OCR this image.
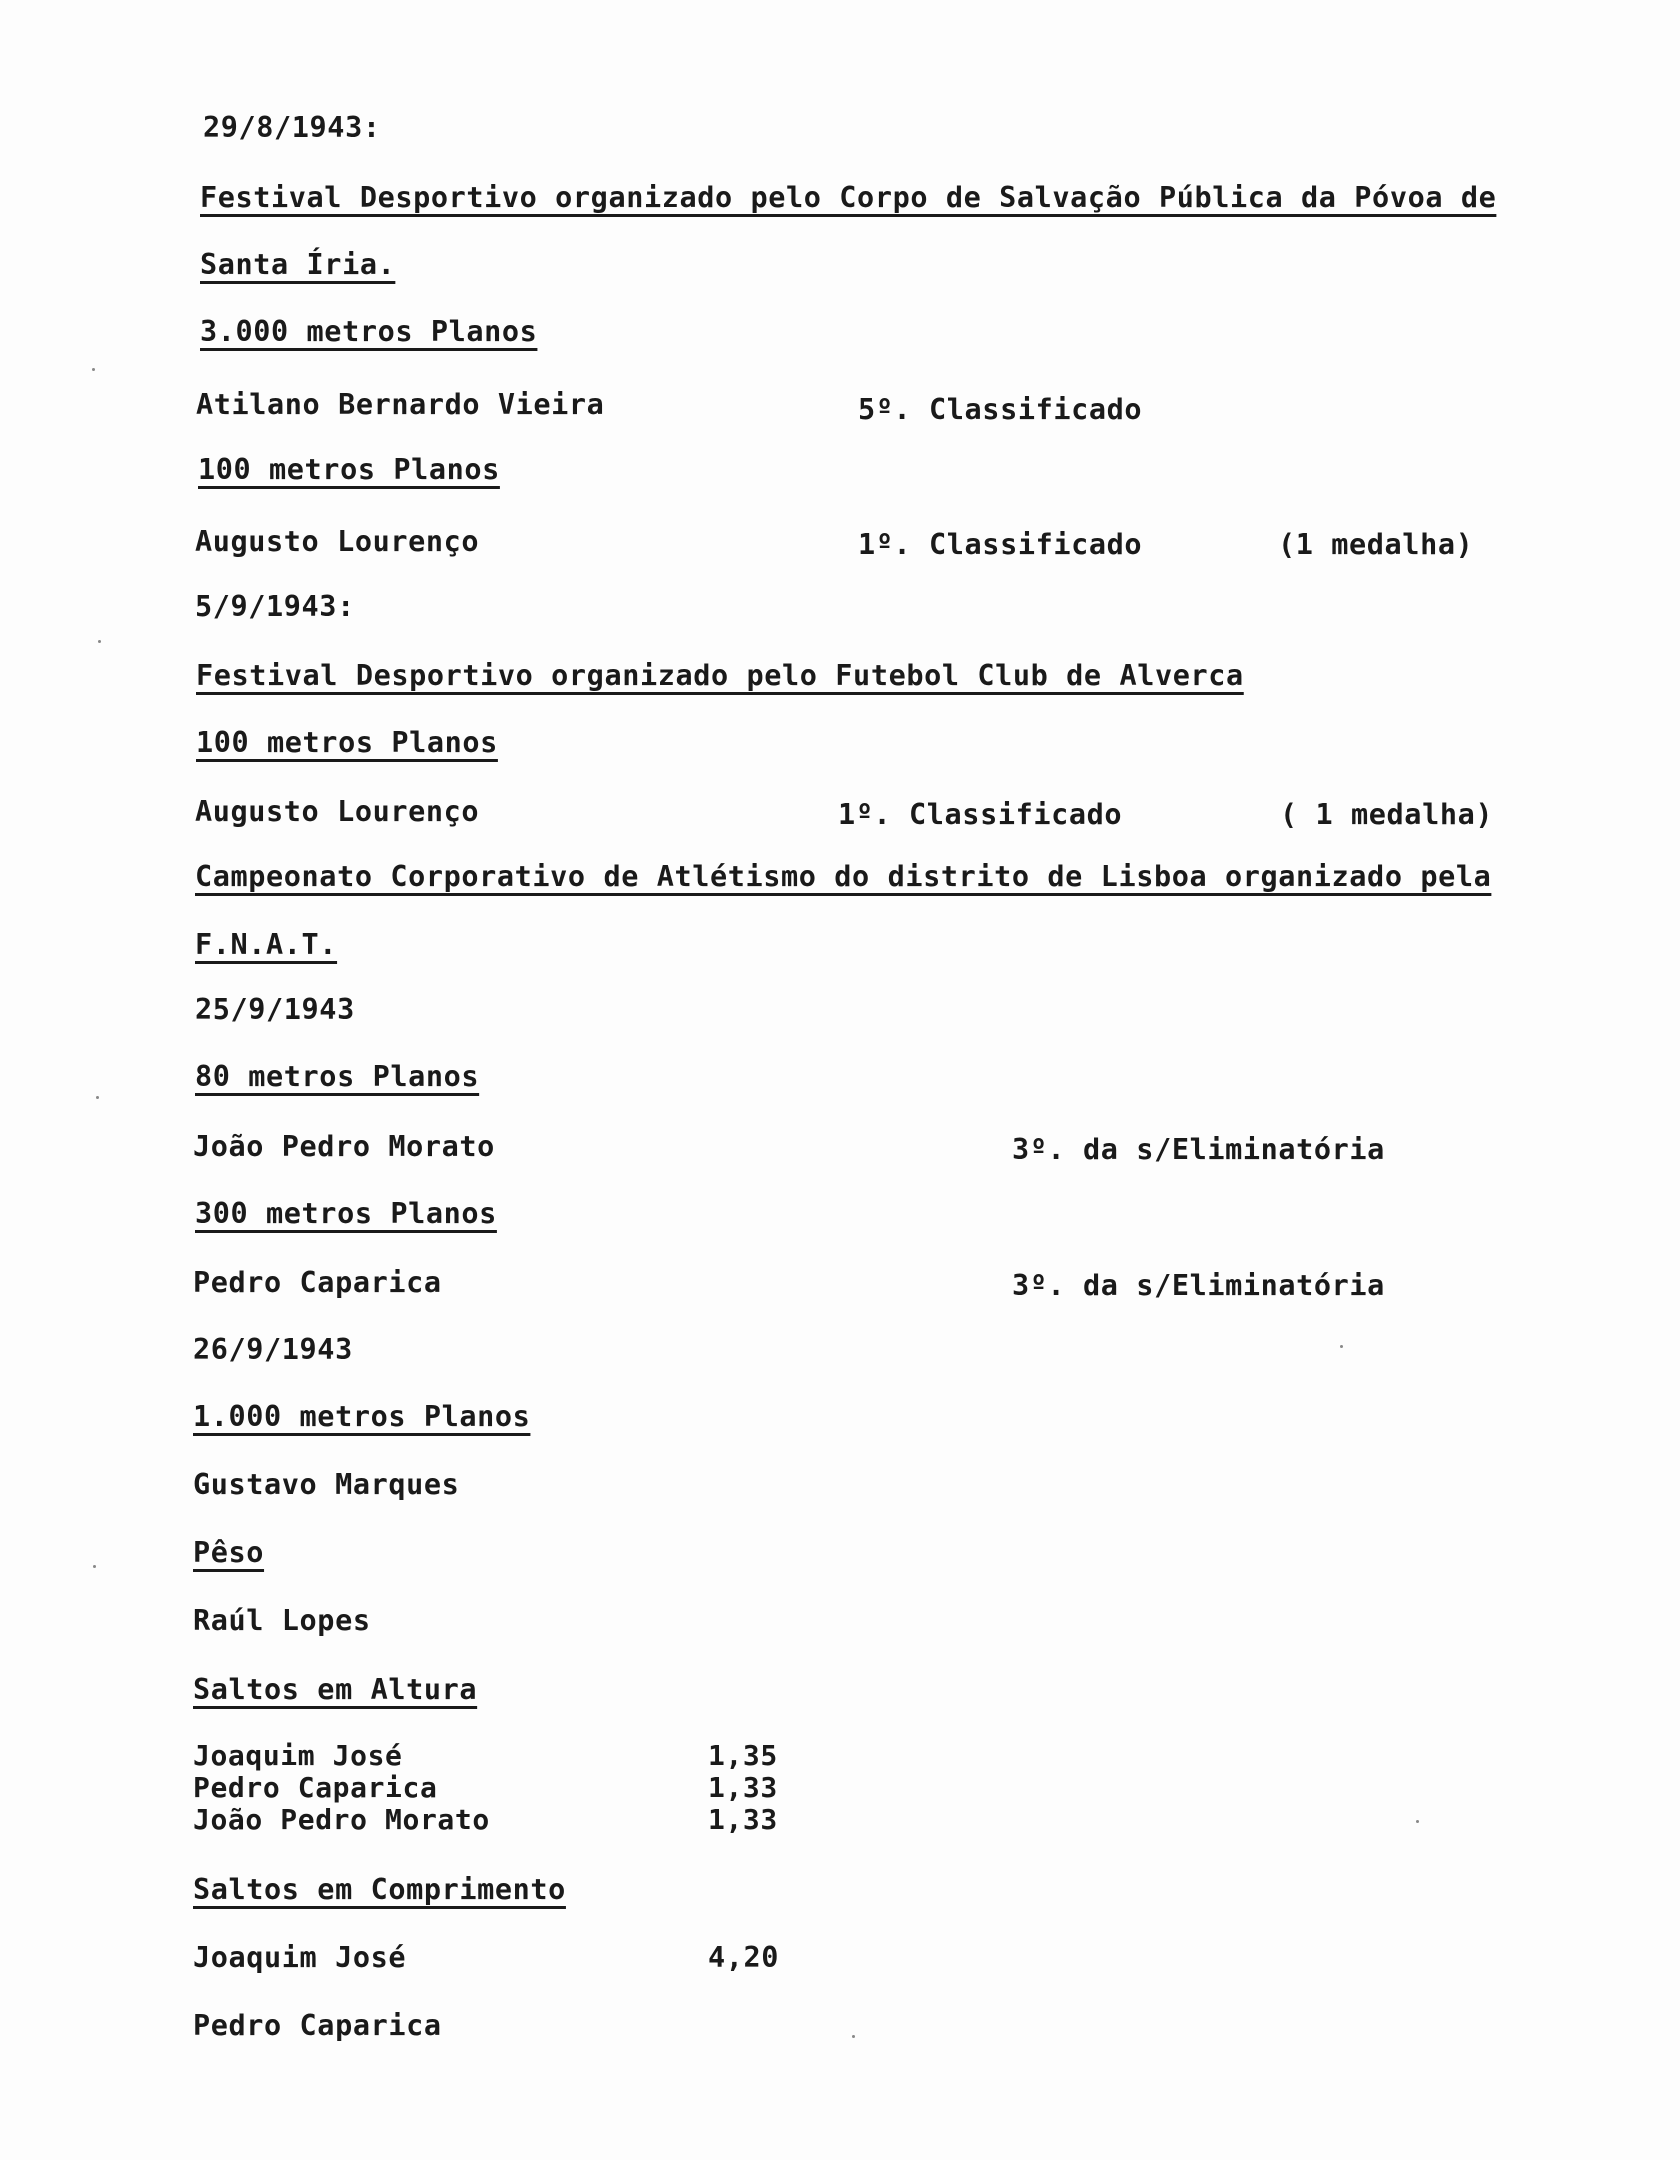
29/8/1943:
Festival Desportivo organizado pelo Corpo de Salvação Pública da Póvoa de
Santa Íria.
3.000 metros Planos
Atilano Bernardo Vieira	5º. Classificado
100 metros Planos
Augusto Lourenço	1º. Classificado	(1 medalha)
5/9/1943:
Festival Desportivo organizado pelo Futebol Club de Alverca
100 metros Planos
Augusto Lourenço	1º. Classificado	( 1 medalha)
Campeonato Corporativo de Atlétismo do distrito de Lisboa organizado pela
F.N.A.T.
25/9/1943
80 metros Planos
João Pedro Morato	3º. da s/Eliminatória
300 metros Planos
Pedro Caparica	3º. da s/Eliminatória
26/9/1943
1.000 metros Planos
Gustavo Marques
Pêso
Raúl Lopes
Saltos em Altura
Joaquim José	1,35
Pedro Caparica	1,33
João Pedro Morato	1,33
Saltos em Comprimento
Joaquim José	4,20
Pedro Caparica
